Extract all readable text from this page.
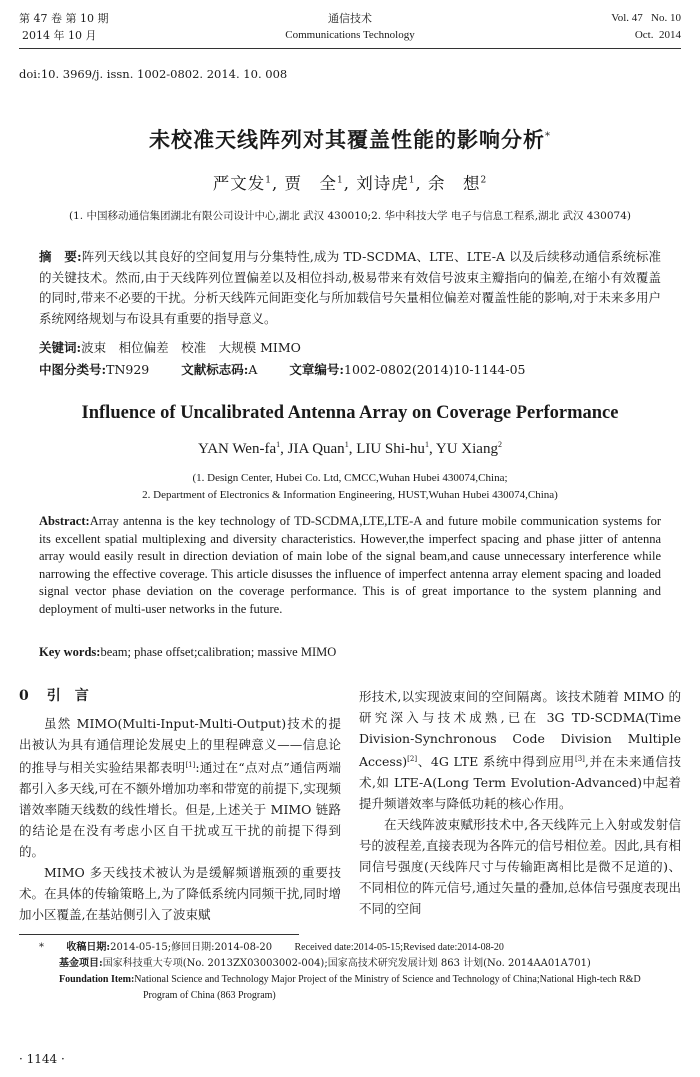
第 47 卷 第 10 期
2014 年 10 月
通信技术
Communications Technology
Vol. 47   No. 10
Oct.  2014
doi:10. 3969/j. issn. 1002-0802. 2014. 10. 008
未校准天线阵列对其覆盖性能的影响分析*
严文发$^1$, 贾　全$^1$, 刘诗虎$^1$, 余　想$^2$
(1. 中国移动通信集团湖北有限公司设计中心,湖北 武汉 430010;2. 华中科技大学 电子与信息工程系,湖北 武汉 430074)
摘　要:阵列天线以其良好的空间复用与分集特性,成为 TD-SCDMA、LTE、LTE-A 以及后续移动通信系统标准的关键技术。然而,由于天线阵列位置偏差以及相位抖动,极易带来有效信号波束主瓣指向的偏差,在缩小有效覆盖的同时,带来不必要的干扰。分析天线阵元间距变化与所加载信号矢量相位偏差对覆盖性能的影响,对于未来多用户系统网络规划与布设具有重要的指导意义。
关键词:波束　相位偏差　校准　大规模 MIMO
中图分类号:TN929	文献标志码:A	文章编号:1002-0802(2014)10-1144-05
Influence of Uncalibrated Antenna Array on Coverage Performance
YAN Wen-$fa^1$, JIA Quan$^1$, LIU Shi-$hu^1$, YU Xiang$^2$
(1. Design Center, Hubei Co. Ltd, CMCC,Wuhan Hubei 430074,China;
2. Department of Electronics & Information Engineering, HUST,Wuhan Hubei 430074,China)
Abstract:Array antenna is the key technology of TD-SCDMA,LTE,LTE-A and future mobile communication systems for its excellent spatial multiplexing and diversity characteristics. However,the imperfect spacing and phase jitter of antenna array would easily result in direction deviation of main lobe of the signal beam,and cause unnecessary interference while narrowing the effective coverage. This article disusses the influence of imperfect antenna array element spacing and loaded signal vector phase deviation on the coverage performance. This is of great importance to the system planning and deployment of multi-user networks in the future.
Key words:beam; phase offset;calibration; massive MIMO
0 引　言

虽然 MIMO(Multi-Input-Multi-Output)技术的提出被认为具有通信理论发展史上的里程碑意义——信息论的推导与相关实验结果都表明[1]:通过在“点对点”通信两端都引入多天线,可在不额外增加功率和带宽的前提下,实现频谱效率随天线数的线性增长。但是,上述关于 MIMO 链路的结论是在没有考虑小区自干扰或互干扰的前提下得到的。

MIMO 多天线技术被认为是缓解频谱瓶颈的重要技术。在具体的传输策略上,为了降低系统内同频干扰,同时增加小区覆盖,在基站侧引入了波束赋

形技术,以实现波束间的空间隔离。该技术随着 MIMO 的研究深入与技术成熟,已在 3G TD-SCDMA(Time Division-Synchronous Code Division Multiple Access)[2]、4G LTE 系统中得到应用[3],并在未来通信技术,如 LTE-A(Long Term Evolution-Advanced)中起着提升频谱效率与降低功耗的核心作用。

在天线阵波束赋形技术中,各天线阵元上入射或发射信号的波程差,直接表现为各阵元的信号相位差。因此,具有相同信号强度(天线阵尺寸与传输距离相比是微不足道的)、不同相位的阵元信号,通过矢量的叠加,总体信号强度表现出不同的空间

* 收稿日期:2014-05-15;修回日期:2014-08-20 Received date:2014-05-15;Revised date:2014-08-20
基金项目:国家科技重大专项(No. 2013ZX03003002-004);国家高技术研究发展计划 863 计划(No. 2014AA01A701)
Foundation Item:National Science and Technology Major Project of the Ministry of Science and Technology of China;National High-tech R&D
Program of China (863 Program)
· 1144 ·
